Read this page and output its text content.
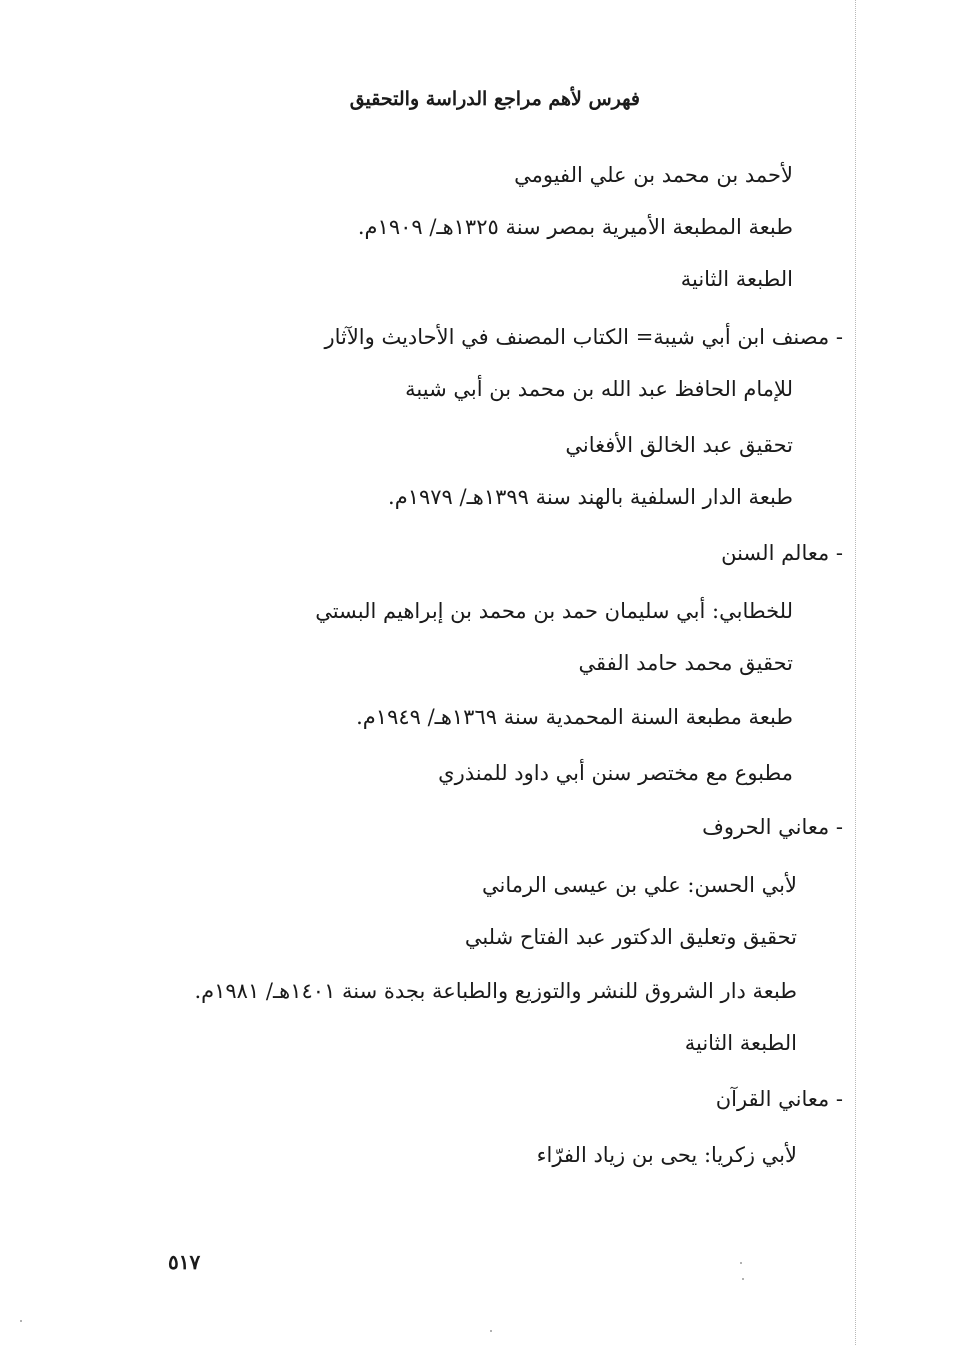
فهرس لأهم مراجع الدراسة والتحقيق
لأحمد بن محمد بن علي الفيومي
طبعة المطبعة الأميرية بمصر سنة ١٣٢٥هـ/ ١٩٠٩م.
الطبعة الثانية
- مصنف ابن أبي شيبة= الكتاب المصنف في الأحاديث والآثار
للإمام الحافظ عبد الله بن محمد بن أبي شيبة
تحقيق عبد الخالق الأفغاني
طبعة الدار السلفية بالهند سنة ١٣٩٩هـ/ ١٩٧٩م.
- معالم السنن
للخطابي: أبي سليمان حمد بن محمد بن إبراهيم البستي
تحقيق محمد حامد الفقي
طبعة مطبعة السنة المحمدية سنة ١٣٦٩هـ/ ١٩٤٩م.
مطبوع مع مختصر سنن أبي داود للمنذري
- معاني الحروف
لأبي الحسن: علي بن عيسى الرماني
تحقيق وتعليق الدكتور عبد الفتاح شلبي
طبعة دار الشروق للنشر والتوزيع والطباعة بجدة سنة ١٤٠١هـ/ ١٩٨١م.
الطبعة الثانية
- معاني القرآن
لأبي زكريا: يحى بن زياد الفرّاء
٥١٧
